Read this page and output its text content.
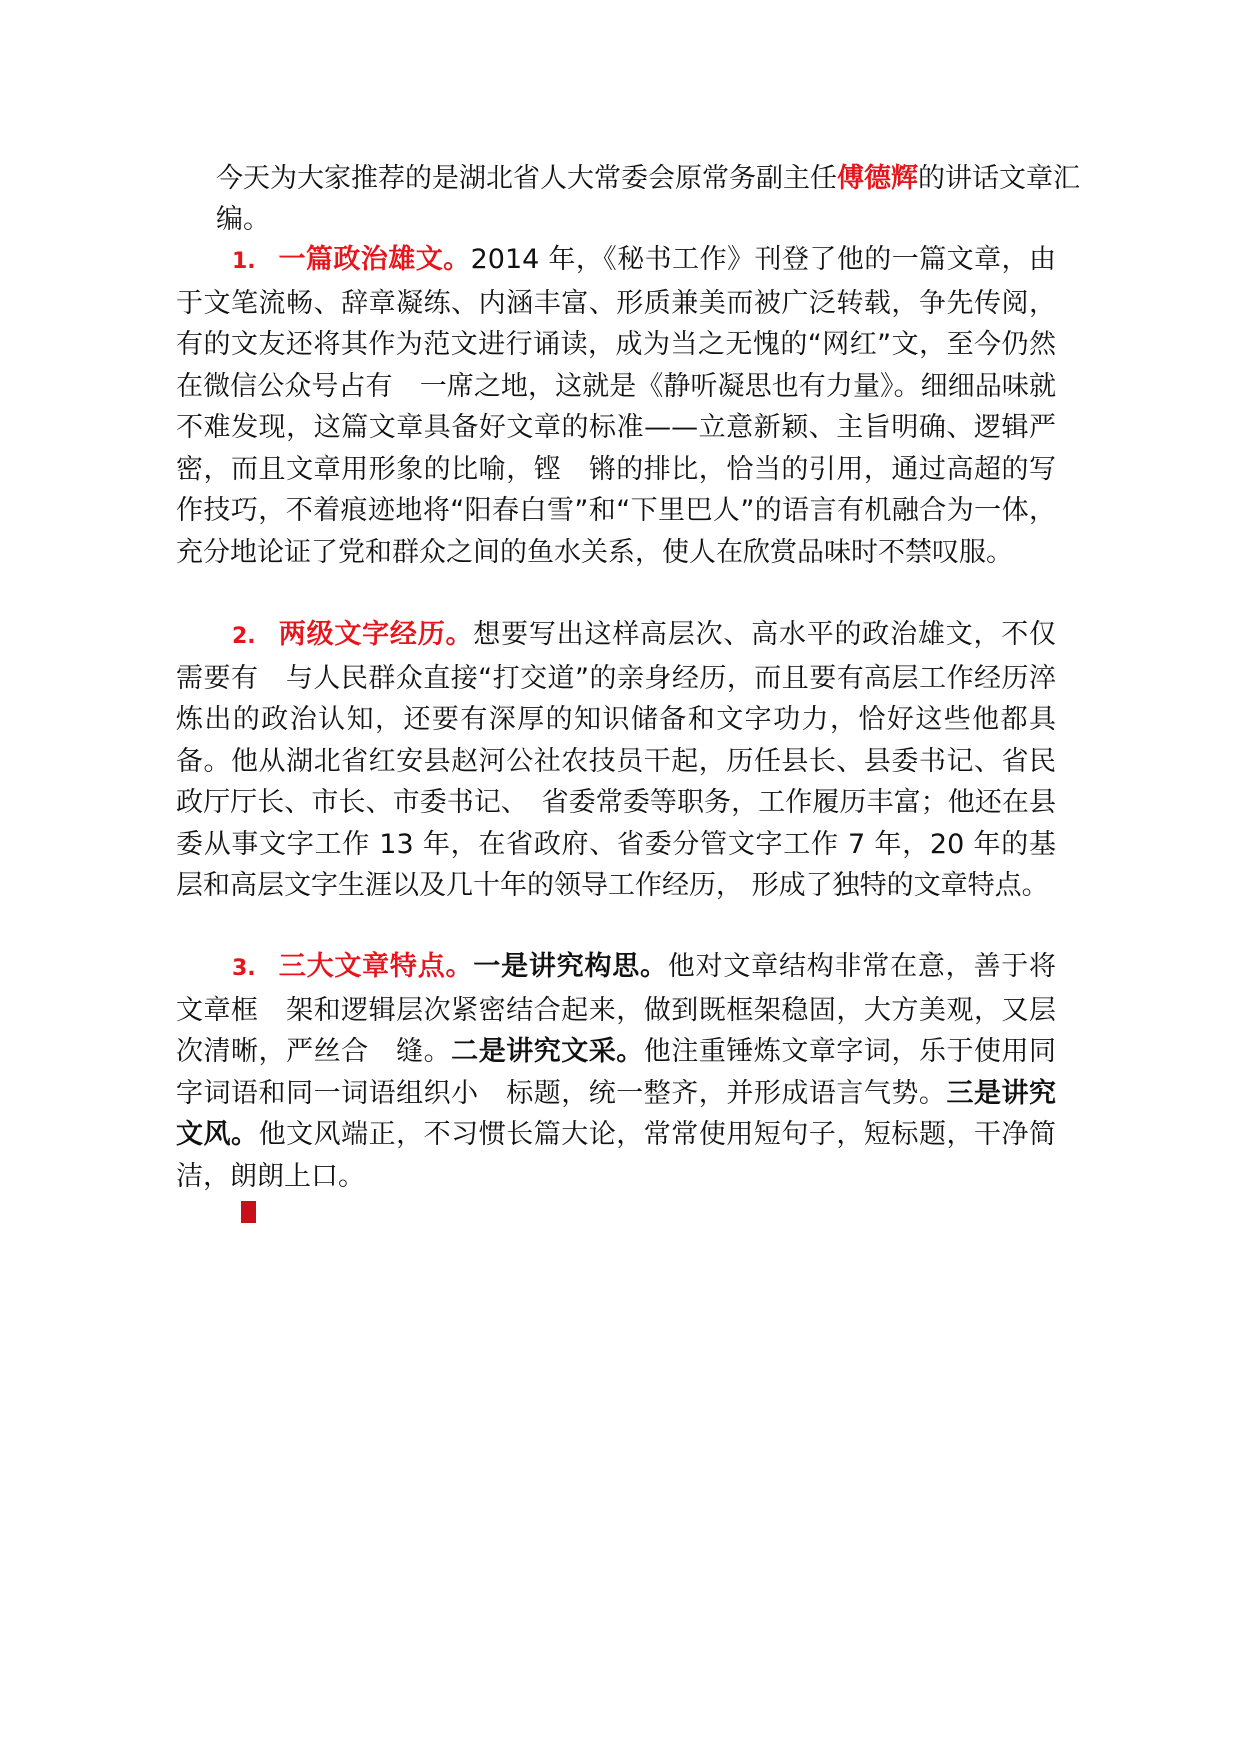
今天为大家推荐的是湖北省人大常委会原常务副主任傅德辉的讲话文章汇编。

1. 一篇政治雄文。2014 年，《秘书工作》刊登了他的一篇文章，由于文笔流畅、辞章凝练、内涵丰富、形质兼美而被广泛转载，争先传阅，有的文友还将其作为范文进行诵读，成为当之无愧的“网红”文，至今仍然在微信公众号占有　一席之地，这就是《静听凝思也有力量》。细细品味就不难发现，这篇文章具备好文章的标准——立意新颖、主旨明确、逻辑严密，而且文章用形象的比喻，铿　锵的排比，恰当的引用，通过高超的写作技巧，不着痕迹地将“阳春白雪”和“下里巴人”的语言有机融合为一体，充分地论证了党和群众之间的鱼水关系，使人在欣赏品味时不禁叹服。

2. 两级文字经历。想要写出这样高层次、高水平的政治雄文，不仅需要有　与人民群众直接“打交道”的亲身经历，而且要有高层工作经历淬炼出的政治认知，还要有深厚的知识储备和文字功力，恰好这些他都具备。他从湖北省红安县赵河公社农技员干起，历任县长、县委书记、省民政厅厅长、市长、市委书记、　省委常委等职务，工作履历丰富；他还在县委从事文字工作 13 年，在省政府、省委分管文字工作 7 年，20 年的基层和高层文字生涯以及几十年的领导工作经历， 形成了独特的文章特点。

3. 三大文章特点。一是讲究构思。他对文章结构非常在意，善于将文章框　架和逻辑层次紧密结合起来，做到既框架稳固，大方美观，又层次清晰，严丝合　缝。二是讲究文采。他注重锤炼文章字词，乐于使用同字词语和同一词语组织小　标题，统一整齐，并形成语言气势。三是讲究文风。他文风端正，不习惯长篇大论，常常使用短句子，短标题，干净简洁，朗朗上口。
